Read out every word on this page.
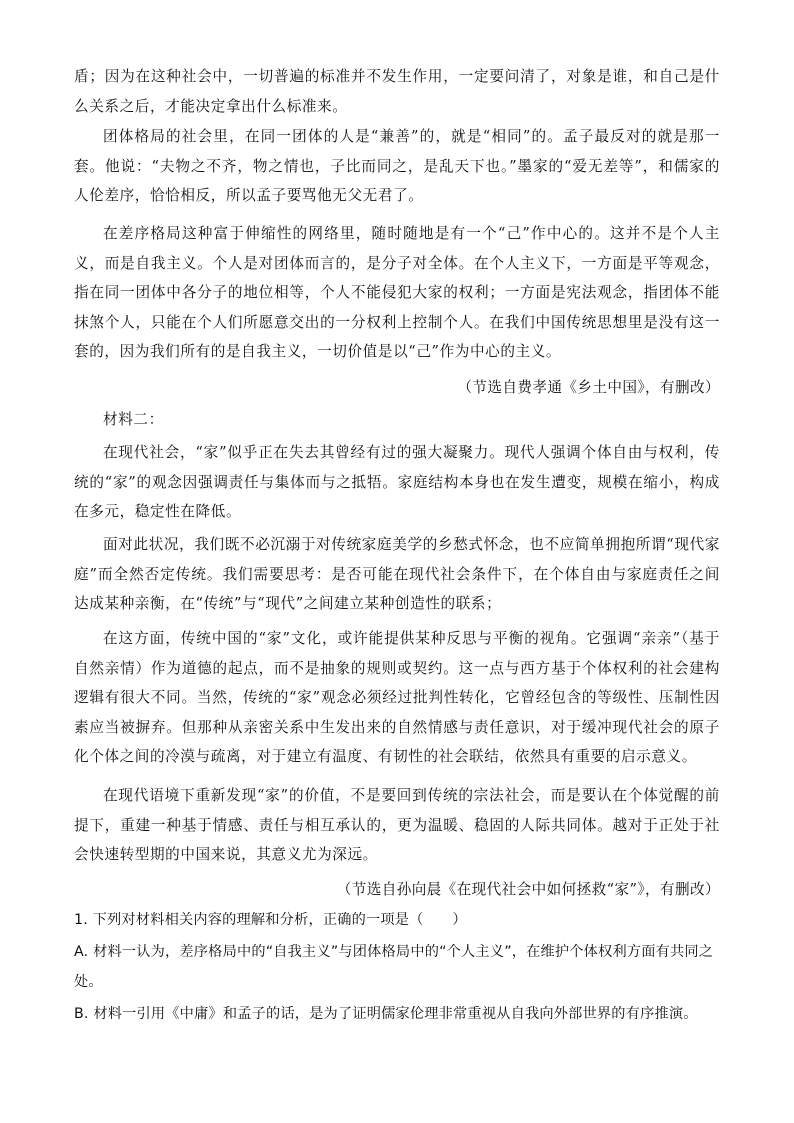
盾；因为在这种社会中，一切普遍的标准并不发生作用，一定要问清了，对象是谁，和自己是什么关系之后，才能决定拿出什么标准来。
团体格局的社会里，在同一团体的人是“兼善”的，就是“相同”的。孟子最反对的就是那一套。他说：“夫物之不齐，物之情也，子比而同之，是乱天下也。”墨家的“爱无差等”，和儒家的人伦差序，恰恰相反，所以孟子要骂他无父无君了。
在差序格局这种富于伸缩性的网络里，随时随地是有一个“己”作中心的。这并不是个人主义，而是自我主义。个人是对团体而言的，是分子对全体。在个人主义下，一方面是平等观念，指在同一团体中各分子的地位相等，个人不能侵犯大家的权利；一方面是宪法观念，指团体不能抹煞个人，只能在个人们所愿意交出的一分权利上控制个人。在我们中国传统思想里是没有这一套的，因为我们所有的是自我主义，一切价值是以“己”作为中心的主义。
（节选自费孝通《乡土中国》，有删改）
材料二：
在现代社会，“家”似乎正在失去其曾经有过的强大凝聚力。现代人强调个体自由与权利，传统的“家”的观念因强调责任与集体而与之抵牾。家庭结构本身也在发生遭变，规模在缩小，构成在多元，稳定性在降低。
面对此状况，我们既不必沉溺于对传统家庭美学的乡愁式怀念，也不应简单拥抱所谓“现代家庭”而全然否定传统。我们需要思考：是否可能在现代社会条件下，在个体自由与家庭责任之间达成某种亲衡，在“传统”与“现代”之间建立某种创造性的联系；
在这方面，传统中国的“家”文化，或许能提供某种反思与平衡的视角。它强调“亲亲”（基于自然亲情）作为道德的起点，而不是抽象的规则或契约。这一点与西方基于个体权利的社会建构逻辑有很大不同。当然，传统的“家”观念必须经过批判性转化，它曾经包含的等级性、压制性因素应当被摒弃。但那种从亲密关系中生发出来的自然情感与责任意识，对于缓冲现代社会的原子化个体之间的冷漠与疏离，对于建立有温度、有韧性的社会联结，依然具有重要的启示意义。
在现代语境下重新发现“家”的价值，不是要回到传统的宗法社会，而是要认在个体觉醒的前提下，重建一种基于情感、责任与相互承认的，更为温暖、稳固的人际共同体。越对于正处于社会快速转型期的中国来说，其意义尤为深远。
（节选自孙向晨《在现代社会中如何拯救“家”》，有删改）
1. 下列对材料相关内容的理解和分析，正确的一项是（　　）
A. 材料一认为，差序格局中的“自我主义”与团体格局中的“个人主义”，在维护个体权利方面有共同之处。
B. 材料一引用《中庸》和孟子的话，是为了证明儒家伦理非常重视从自我向外部世界的有序推演。
